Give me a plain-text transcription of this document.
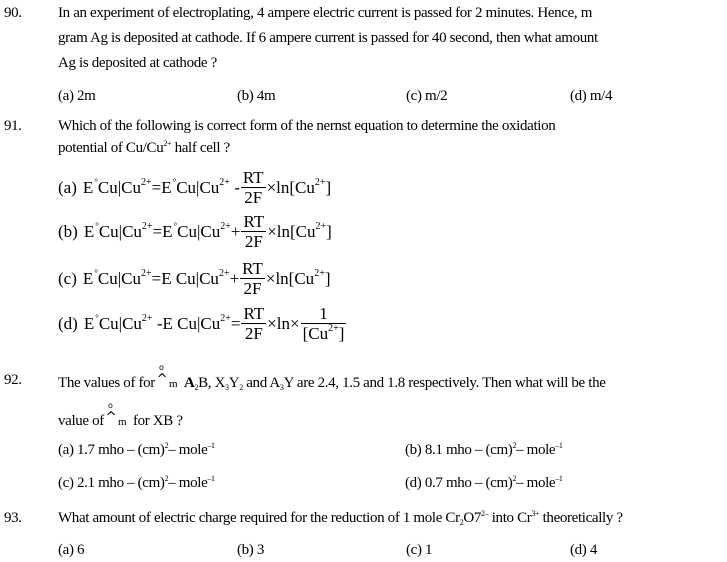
90. In an experiment of electroplating, 4 ampere electric current is passed for 2 minutes. Hence, m
gram Ag is deposited at cathode. If 6 ampere current is passed for 40 second, then what amount
Ag is deposited at cathode ?
(a) 2m	(b) 4m	(c) m/2	(d) m/4
91. Which of the following is correct form of the nernst equation to determine the oxidation
potential of $Cu/Cu^{2+}$ half cell ?
(a) $E^\circ Cu|Cu^{2+}=E^\circ Cu|Cu^{2+} - \frac{RT}{2F} \times\ln[Cu^{2+}]$
(b) $E^\circ Cu|Cu^{2+}=E^\circ Cu|Cu^{2+}+ \frac{RT}{2F} \times\ln[Cu^{2+}]$
(c) $E^\circ Cu|Cu^{2+}=E$ $Cu|Cu^{2+}+ \frac{RT}{2F} \times\ln[Cu^{2+}]$
(d) $E^\circ Cu|Cu^{2+}$ -E $Cu|Cu^{2+}= \frac{RT}{2F} \times\ln\times \frac{1}{[Cu^{2+}]}$
92. The values of for
o
^ m $A_2B$, $X_3Y_2$ and $A_3Y$ are 2.4, 1.5 and 1.8 respectively. Then what will be the
value of
o
^ m for XB ?
(a) 1.7 mho – (cm)$^2$– mole$^{-1}$	(b) 8.1 mho – (cm)$^2$– mole$^{-1}$
(c) 2.1 mho – (cm)$^2$– mole$^{-1}$	(d) 0.7 mho – (cm)$^2$– mole$^{-1}$
93. What amount of electric charge required for the reduction of 1 mole $Cr_2O7^{2-}$ into $Cr^{3+}$ theoretically ?
(a) 6	(b) 3	(c) 1	(d) 4
